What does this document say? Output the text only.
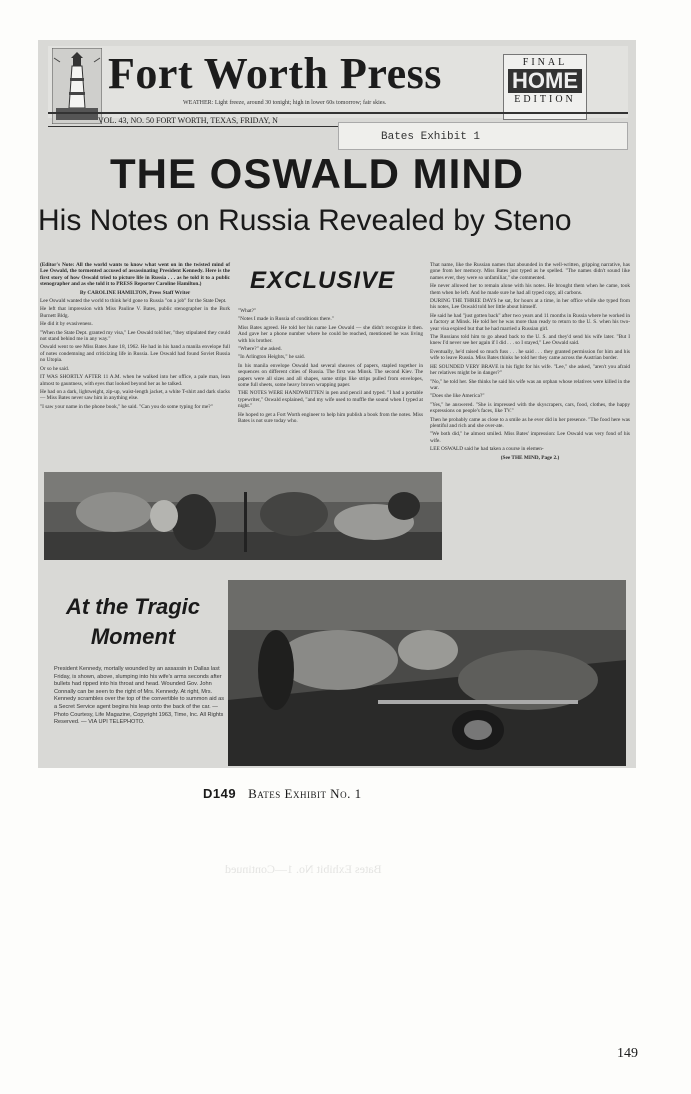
Fort Worth Press
WEATHER: Light freeze, around 30 tonight; high in lower 60s tomorrow; fair skies.
FINAL
HOME
EDITION
VOL. 43, NO. 50 FORT WORTH, TEXAS, FRIDAY, N
Bates Exhibit 1
THE OSWALD MIND
His Notes on Russia Revealed by Steno
EXCLUSIVE

(Editor's Note: All the world wants to know what went on in the twisted mind of Lee Oswald, the tormented accused of assassinating President Kennedy. Here is the first story of how Oswald tried to picture life in Russia . . . as he told it to a public stenographer and as she told it to PRESS Reporter Caroline Hamilton.)

By CAROLINE HAMILTON, Press Staff Writer

Lee Oswald wanted the world to think he'd gone to Russia "on a job" for the State Dept.

He left that impression with Miss Pauline V. Bates, public stenographer in the Burk Burnett Bldg.

He did it by evasiveness.

"When the State Dept. granted my visa," Lee Oswald told her, "they stipulated they could not stand behind me in any way."

Oswald went to see Miss Bates June 18, 1962. He had in his hand a manila envelope full of notes condemning and criticizing life in Russia. Lee Oswald had found Soviet Russia no Utopia.

Or so he said.

IT WAS SHORTLY AFTER 11 A.M. when he walked into her office, a pale man, lean almost to gauntness, with eyes that looked beyond her as he talked.

He had on a dark, lightweight, zip-up, waist-length jacket, a white T-shirt and dark slacks — Miss Bates never saw him in anything else.

"I saw your name in the phone book," he said. "Can you do some typing for me?"

"What?"

"Notes I made in Russia of conditions there."

Miss Bates agreed. He told her his name Lee Oswald — she didn't recognize it then. And gave her a phone number where he could be reached, mentioned he was living with his brother.

"Where?" she asked.

"In Arlington Heights," he said.

In his manila envelope Oswald had several sheaves of papers, stapled together in sequences on different cities of Russia. The first was Minsk. The second Kiev. The papers were all sizes and all shapes, some strips like strips pulled from envelopes, some full sheets, some heavy brown wrapping paper.

THE NOTES WERE HANDWRITTEN in pen and pencil and typed. "I had a portable typewriter," Oswald explained, "and my wife used to muffle the sound when I typed at night."

He hoped to get a Fort Worth engineer to help him publish a book from the notes. Miss Bates is not sure today who.

That name, like the Russian names that abounded in the well-written, gripping narrative, has gone from her memory. Miss Bates just typed as he spelled. "The names didn't sound like names ever, they were so unfamiliar," she commented.

He never allowed her to remain alone with his notes. He brought them when he came, took them when he left. And he made sure he had all typed copy, all carbons.

DURING THE THREE DAYS he sat, for hours at a time, in her office while she typed from his notes, Lee Oswald told her little about himself.

He said he had "just gotten back" after two years and 11 months in Russia where he worked in a factory at Minsk. He told her he was more than ready to return to the U. S. when his two-year visa expired but that he had married a Russian girl.

The Russians told him to go ahead back to the U. S. and they'd send his wife later. "But I knew I'd never see her again if I did . . . so I stayed," Lee Oswald said.

Eventually, he'd raised so much fuss . . . he said . . . they granted permission for him and his wife to leave Russia. Miss Bates thinks he told her they came across the Austrian border.

HE SOUNDED VERY BRAVE in his fight for his wife. "Lee," she asked, "aren't you afraid her relatives might be in danger?"

"No," he told her. She thinks he said his wife was an orphan whose relatives were killed in the war.

"Does she like America?"

"Yes," he answered. "She is impressed with the skyscrapers, cars, food, clothes, the happy expressions on people's faces, like TV."

Then he probably came as close to a smile as he ever did in her presence. "The food here was plentiful and rich and she over-ate.

"We both did," he almost smiled. Miss Bates' impression: Lee Oswald was very fond of his wife.

LEE OSWALD said he had taken a course in elemen-

(See THE MIND, Page 2.)

At the Tragic
Moment
President Kennedy, mortally wounded by an assassin in Dallas last Friday, is shown, above, slumping into his wife's arms seconds after bullets had ripped into his throat and head. Wounded Gov. John Connally can be seen to the right of Mrs. Kennedy. At right, Mrs. Kennedy scrambles over the top of the convertible to summon aid as a Secret Service agent begins his leap onto the back of the car. — Photo Courtesy, Life Magazine, Copyright 1963, Time, Inc. All Rights Reserved. — VIA UPI TELEPHOTO.
D149 Bates Exhibit No. 1
Bates Exhibit No. 1—Continued
149
